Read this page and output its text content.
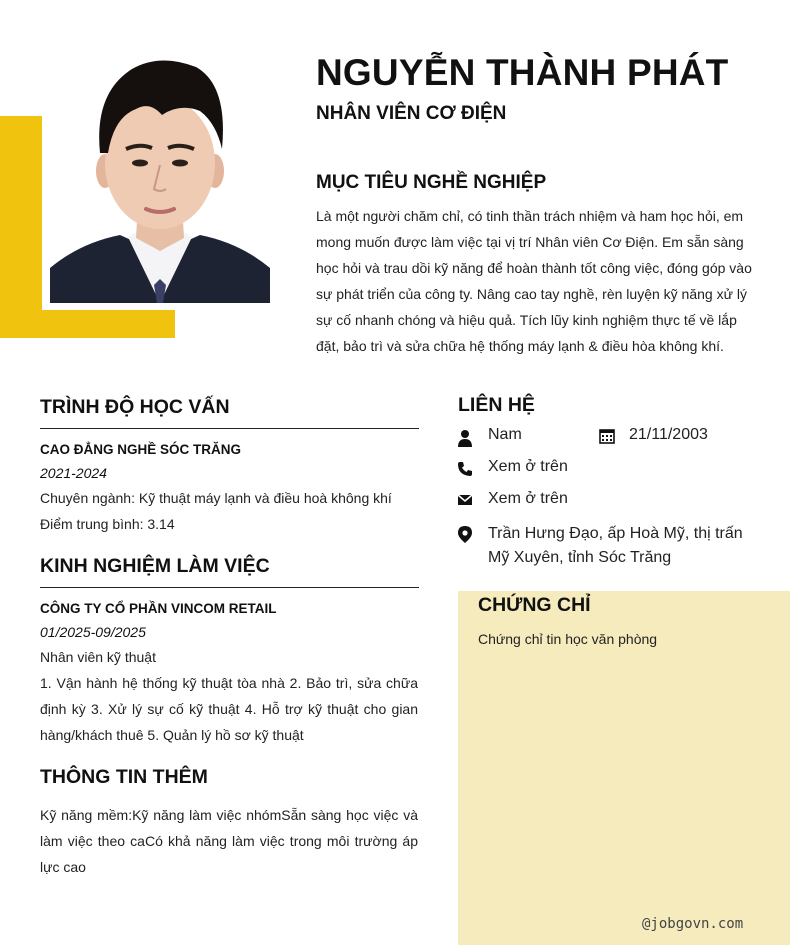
NGUYỄN THÀNH PHÁT
NHÂN VIÊN CƠ ĐIỆN
MỤC TIÊU NGHỀ NGHIỆP
Là một người chăm chỉ, có tinh thần trách nhiệm và ham học hỏi, em mong muốn được làm việc tại vị trí Nhân viên Cơ Điện. Em sẵn sàng học hỏi và trau dồi kỹ năng để hoàn thành tốt công việc, đóng góp vào sự phát triển của công ty. Nâng cao tay nghề, rèn luyện kỹ năng xử lý sự cố nhanh chóng và hiệu quả. Tích lũy kinh nghiệm thực tế về lắp đặt, bảo trì và sửa chữa hệ thống máy lạnh & điều hòa không khí.
TRÌNH ĐỘ HỌC VẤN
CAO ĐẲNG NGHỀ SÓC TRĂNG
2021-2024
Chuyên ngành: Kỹ thuật máy lạnh và điều hoà không khí
Điểm trung bình: 3.14
KINH NGHIỆM LÀM VIỆC
CÔNG TY CỔ PHẦN VINCOM RETAIL
01/2025-09/2025
Nhân viên kỹ thuật
1. Vận hành hệ thống kỹ thuật tòa nhà 2. Bảo trì, sửa chữa định kỳ 3. Xử lý sự cố kỹ thuật 4. Hỗ trợ kỹ thuật cho gian hàng/khách thuê 5. Quản lý hồ sơ kỹ thuật
THÔNG TIN THÊM
Kỹ năng mềm:Kỹ năng làm việc nhómSẵn sàng học việc và làm việc theo caCó khả năng làm việc trong môi trường áp lực cao
LIÊN HỆ
Nam	21/11/2003
Xem ở trên
Xem ở trên
Trần Hưng Đạo, ấp Hoà Mỹ, thị trấn Mỹ Xuyên, tỉnh Sóc Trăng
CHỨNG CHỈ
Chứng chỉ tin học văn phòng
@jobgovn.com
